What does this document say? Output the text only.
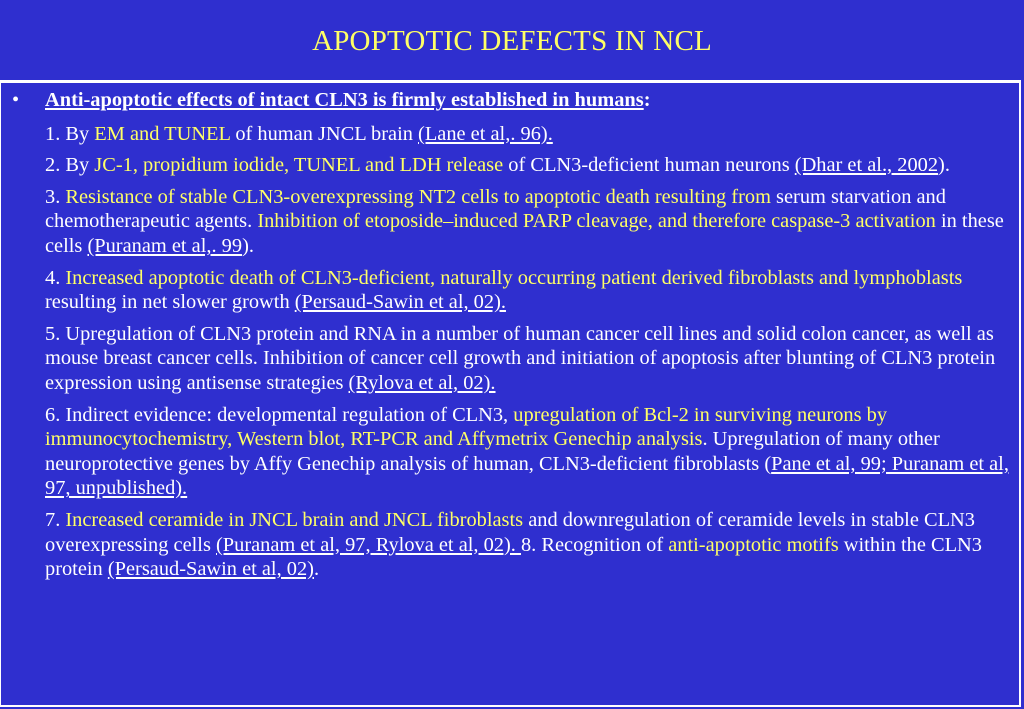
APOPTOTIC DEFECTS IN NCL
•	Anti-apoptotic effects of intact CLN3 is firmly established in humans:
1. By EM and TUNEL of human JNCL brain (Lane et al,. 96).
2. By JC-1, propidium iodide, TUNEL and LDH release of CLN3-deficient human neurons (Dhar et al., 2002).
3. Resistance of stable CLN3-overexpressing NT2 cells to apoptotic death resulting from serum starvation and chemotherapeutic agents. Inhibition of etoposide–induced PARP cleavage, and therefore caspase-3 activation in these cells (Puranam et al,. 99).
4. Increased apoptotic death of CLN3-deficient, naturally occurring patient derived fibroblasts and lymphoblasts resulting in net slower growth (Persaud-Sawin et al, 02).
5. Upregulation of CLN3 protein and RNA in a number of human cancer cell lines and solid colon cancer, as well as mouse breast cancer cells. Inhibition of cancer cell growth and initiation of apoptosis after blunting of CLN3 protein expression using antisense strategies (Rylova et al, 02).
6. Indirect evidence: developmental regulation of CLN3, upregulation of Bcl-2 in surviving neurons by immunocytochemistry, Western blot, RT-PCR and Affymetrix Genechip analysis. Upregulation of many other neuroprotective genes by Affy Genechip analysis of human, CLN3-deficient fibroblasts (Pane et al, 99; Puranam et al, 97, unpublished).
7. Increased ceramide in JNCL brain and JNCL fibroblasts and downregulation of ceramide levels in stable CLN3 overexpressing cells (Puranam et al, 97, Rylova et al, 02). 8. Recognition of anti-apoptotic motifs within the CLN3 protein (Persaud-Sawin et al, 02).
